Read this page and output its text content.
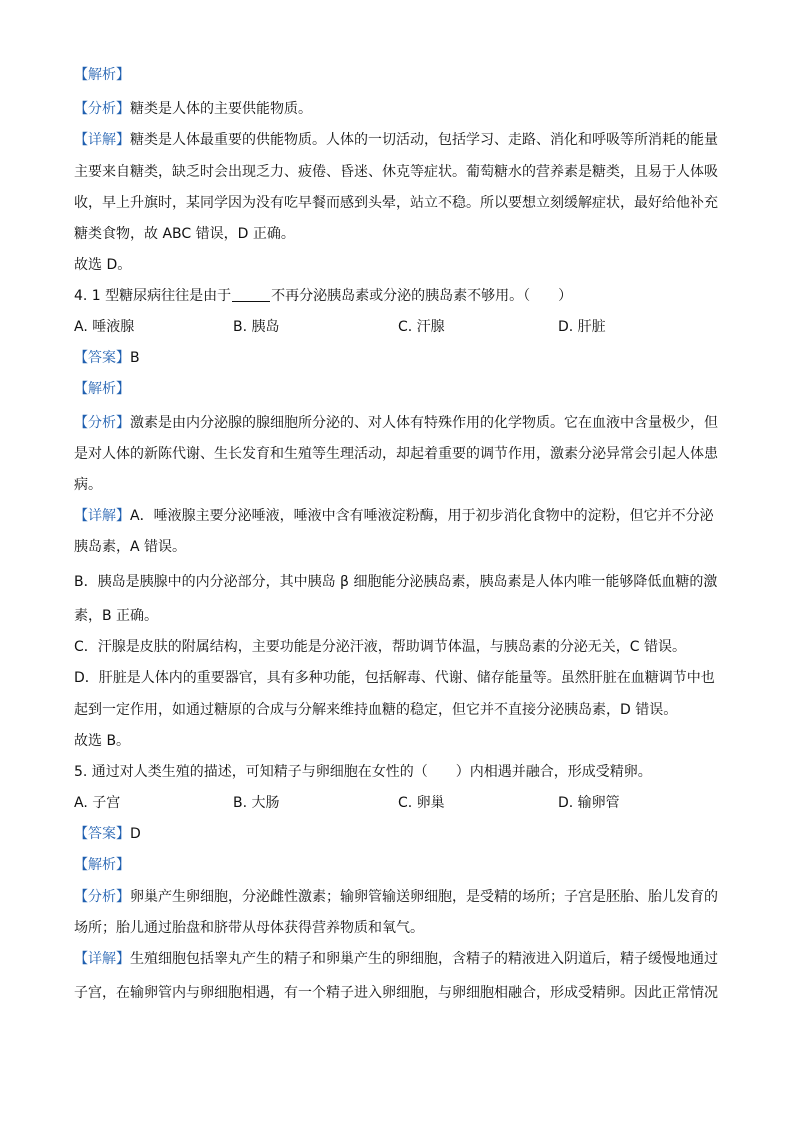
【解析】
【分析】糖类是人体的主要供能物质。
【详解】糖类是人体最重要的供能物质。人体的一切活动，包括学习、走路、消化和呼吸等所消耗的能量
主要来自糖类，缺乏时会出现乏力、疲倦、昏迷、休克等症状。葡萄糖水的营养素是糖类，且易于人体吸
收，早上升旗时，某同学因为没有吃早餐而感到头晕，站立不稳。所以要想立刻缓解症状，最好给他补充
糖类食物，故 ABC 错误，D 正确。
故选 D。
4. 1 型糖尿病往往是由于	不再分泌胰岛素或分泌的胰岛素不够用。（　　）
A. 唾液腺	B. 胰岛	C. 汗腺	D. 肝脏
【答案】B
【解析】
【分析】激素是由内分泌腺的腺细胞所分泌的、对人体有特殊作用的化学物质。它在血液中含量极少，但
是对人体的新陈代谢、生长发育和生殖等生理活动，却起着重要的调节作用，激素分泌异常会引起人体患
病。
【详解】A．唾液腺主要分泌唾液，唾液中含有唾液淀粉酶，用于初步消化食物中的淀粉，但它并不分泌
胰岛素，A 错误。
B．胰岛是胰腺中的内分泌部分，其中胰岛 β 细胞能分泌胰岛素，胰岛素是人体内唯一能够降低血糖的激
素，B 正确。
C．汗腺是皮肤的附属结构，主要功能是分泌汗液，帮助调节体温，与胰岛素的分泌无关，C 错误。
D．肝脏是人体内的重要器官，具有多种功能，包括解毒、代谢、储存能量等。虽然肝脏在血糖调节中也
起到一定作用，如通过糖原的合成与分解来维持血糖的稳定，但它并不直接分泌胰岛素，D 错误。
故选 B。
5. 通过对人类生殖的描述，可知精子与卵细胞在女性的（　　）内相遇并融合，形成受精卵。
A. 子宫	B. 大肠	C. 卵巢	D. 输卵管
【答案】D
【解析】
【分析】卵巢产生卵细胞，分泌雌性激素；输卵管输送卵细胞，是受精的场所；子宫是胚胎、胎儿发育的
场所；胎儿通过胎盘和脐带从母体获得营养物质和氧气。
【详解】生殖细胞包括睾丸产生的精子和卵巢产生的卵细胞，含精子的精液进入阴道后，精子缓慢地通过
子宫，在输卵管内与卵细胞相遇，有一个精子进入卵细胞，与卵细胞相融合，形成受精卵。因此正常情况
